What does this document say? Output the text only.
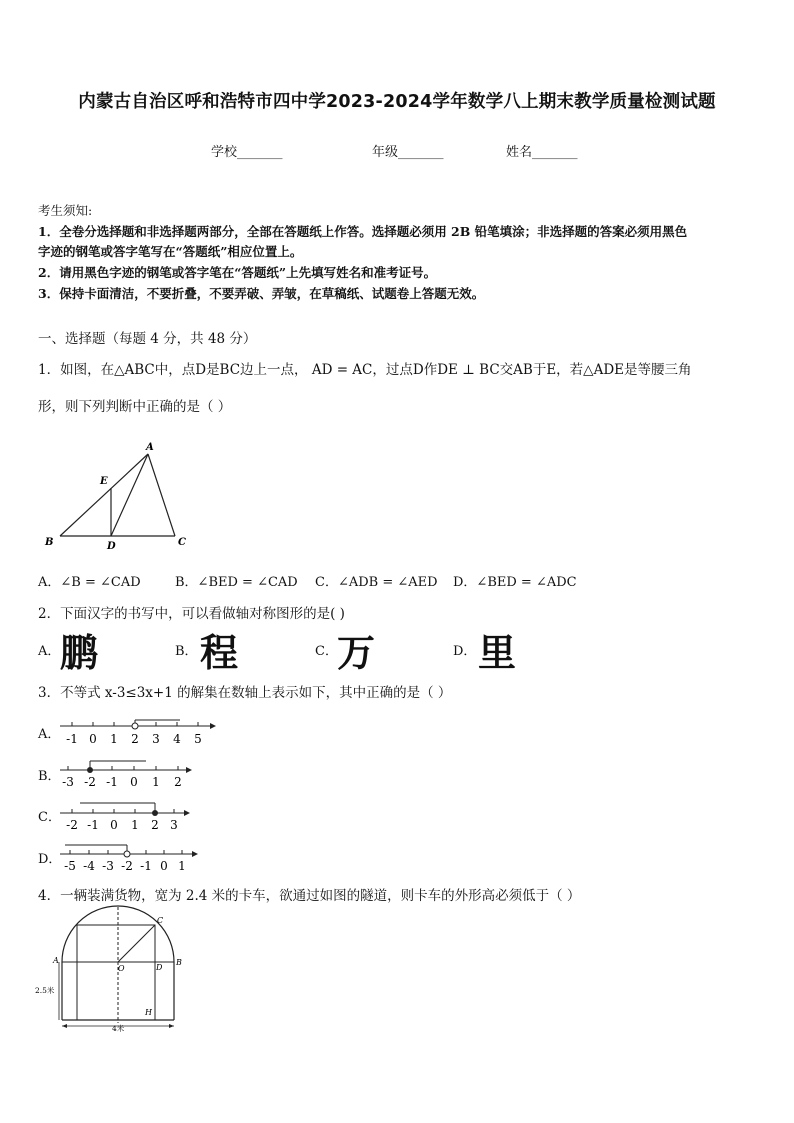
内蒙古自治区呼和浩特市四中学2023-2024学年数学八上期末教学质量检测试题
学校_______	年级_______	姓名_______
考生须知:
1．全卷分选择题和非选择题两部分，全部在答题纸上作答。选择题必须用 2B 铅笔填涂；非选择题的答案必须用黑色
字迹的钢笔或答字笔写在“答题纸”相应位置上。
2．请用黑色字迹的钢笔或答字笔在“答题纸”上先填写姓名和准考证号。
3．保持卡面清洁，不要折叠，不要弄破、弄皱，在草稿纸、试题卷上答题无效。
一、选择题（每题 4 分，共 48 分）
1．如图，在△ABC中，点D是BC边上一点， AD = AC，过点D作DE ⊥ BC交AB于E，若△ADE是等腰三角
形，则下列判断中正确的是（ ）
A
E
B	D	C
A．∠B = ∠CAD	B．∠BED = ∠CAD C．∠ADB = ∠AED D．∠BED = ∠ADC
2．下面汉字的书写中，可以看做轴对称图形的是( )
A． 鹏	B． 程	C． 万	D． 里
3．不等式 x-3≤3x+1 的解集在数轴上表示如下，其中正确的是（ ）
A． -1 0 1 2 3 4 5
B． -3 -2 -1 0 1 2
C． -2 -1 0 1 2 3
D． -5 -4 -3 -2 -1 0 1
4．一辆装满货物，宽为 2.4 米的卡车，欲通过如图的隧道，则卡车的外形高必须低于（ ）
C
A
O	D
B
H
2.5米
4米
